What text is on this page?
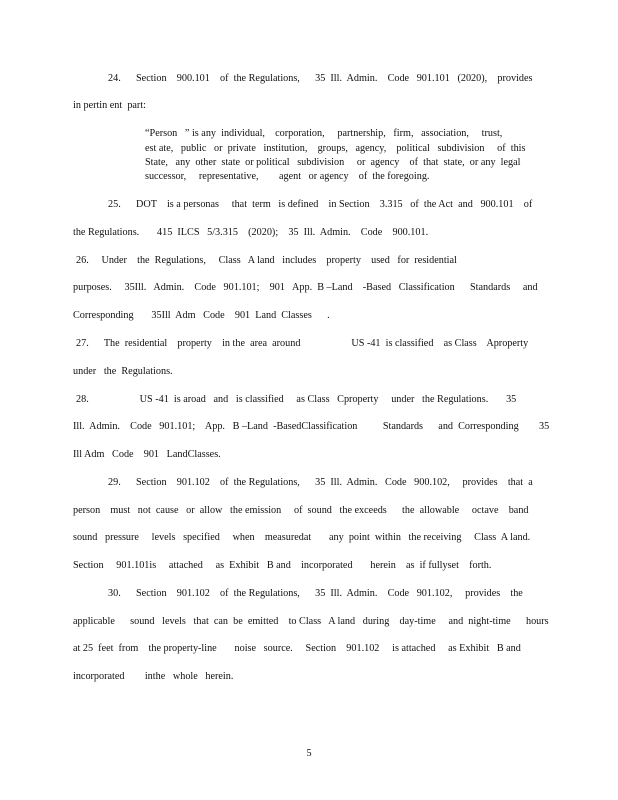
24.      Section    900.101    of  the Regulations,      35  Ill.  Admin.    Code   901.101   (2020),    provides
in pertin ent  part:
“Person   ” is any  individual,    corporation,     partnership,   firm,   association,     trust,
est ate,   public   or  private   institution,    groups,   agency,    political   subdivision     of  this
State,   any  other  state  or political   subdivision     or  agency    of  that  state,  or any  legal
successor,     representative,        agent   or agency    of  the foregoing.
25.      DOT    is a personas     that  term   is defined    in Section    3.315   of  the Act  and   900.101    of
the Regulations.       415  ILCS   5/3.315    (2020);    35  Ill.  Admin.    Code    900.101.
26.     Under    the  Regulations,     Class   A land   includes    property    used   for  residential
purposes.     35Ill.   Admin.    Code   901.101;    901   App.  B –Land    -Based   Classification      Standards     and
Corresponding       35Ill  Adm   Code    901  Land  Classes      .
27.      The  residential    property    in the  area  around                    US -41  is classified    as Class    Aproperty
under   the  Regulations.
28.                    US -41  is aroad   and   is classified     as Class   Cproperty     under   the Regulations.       35
Ill.  Admin.    Code   901.101;    App.   B –Land  -BasedClassification          Standards      and  Corresponding        35
Ill Adm   Code    901   LandClasses.
29.      Section    901.102    of  the Regulations,      35  Ill.  Admin.   Code   900.102,     provides    that  a
person    must   not  cause   or  allow   the emission     of  sound   the exceeds      the  allowable     octave    band
sound   pressure     levels   specified     when    measuredat       any  point  within   the receiving     Class  A land.
Section     901.101is     attached     as  Exhibit   B and    incorporated       herein    as  if fullyset    forth.
30.      Section    901.102    of  the Regulations,      35  Ill.  Admin.    Code   901.102,     provides    the
applicable      sound   levels   that  can  be  emitted    to Class   A land   during    day-time     and  night-time      hours
at 25  feet  from    the property-line       noise   source.     Section    901.102     is attached     as Exhibit   B and
incorporated        inthe   whole   herein.
5
